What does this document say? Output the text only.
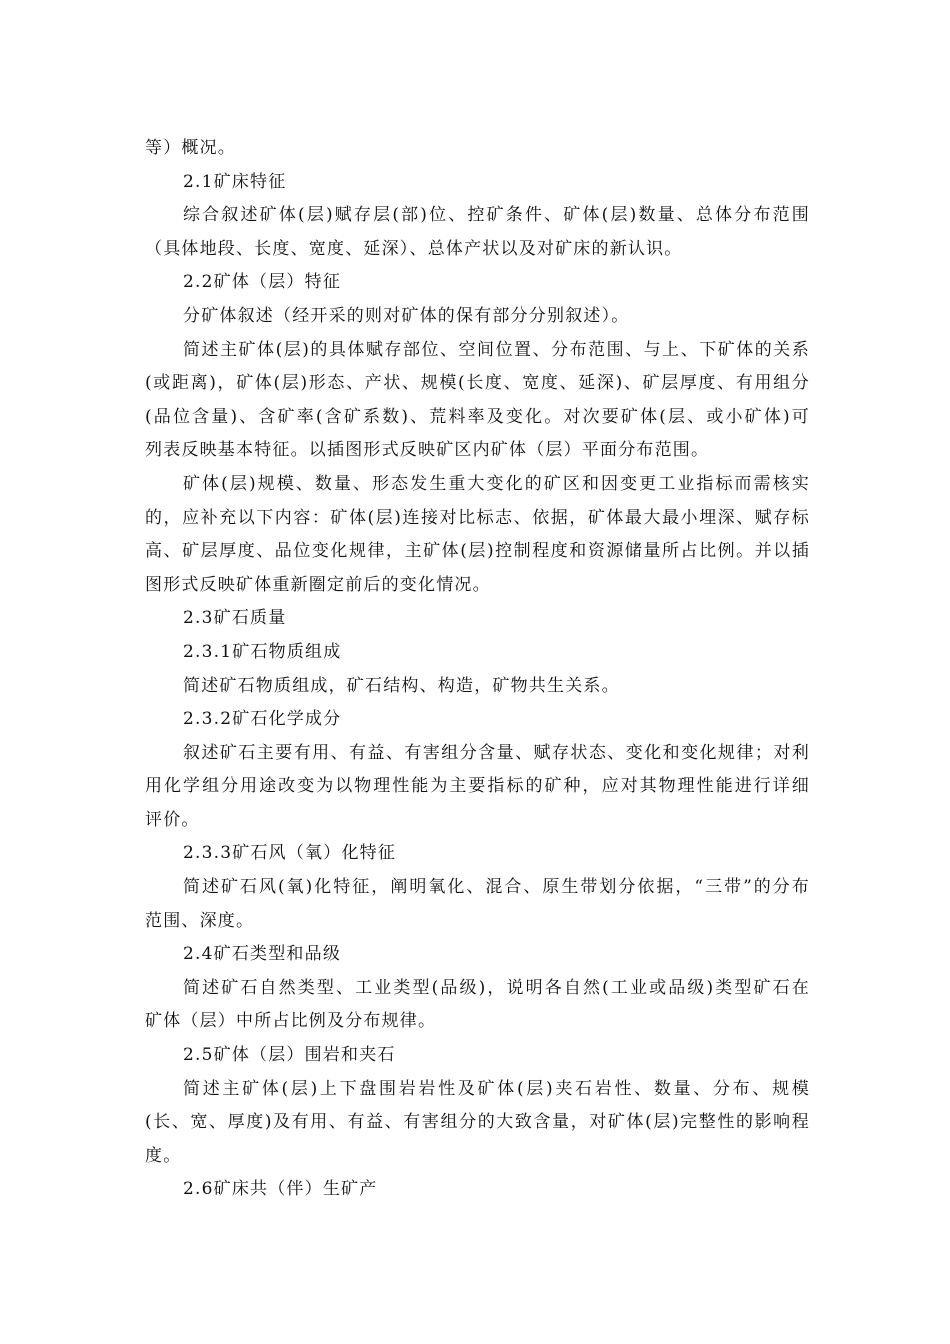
等）概况。
2.1矿床特征
综合叙述矿体(层)赋存层(部)位、控矿条件、矿体(层)数量、总体分布范围
（具体地段、长度、宽度、延深）、总体产状以及对矿床的新认识。
2.2矿体（层）特征
分矿体叙述（经开采的则对矿体的保有部分分别叙述）。
简述主矿体(层)的具体赋存部位、空间位置、分布范围、与上、下矿体的关系
(或距离)，矿体(层)形态、产状、规模(长度、宽度、延深)、矿层厚度、有用组分
(品位含量)、含矿率(含矿系数)、荒料率及变化。对次要矿体(层、或小矿体)可
列表反映基本特征。以插图形式反映矿区内矿体（层）平面分布范围。
矿体(层)规模、数量、形态发生重大变化的矿区和因变更工业指标而需核实
的，应补充以下内容：矿体(层)连接对比标志、依据，矿体最大最小埋深、赋存标
高、矿层厚度、品位变化规律，主矿体(层)控制程度和资源储量所占比例。并以插
图形式反映矿体重新圈定前后的变化情况。
2.3矿石质量
2.3.1矿石物质组成
简述矿石物质组成，矿石结构、构造，矿物共生关系。
2.3.2矿石化学成分
叙述矿石主要有用、有益、有害组分含量、赋存状态、变化和变化规律；对利
用化学组分用途改变为以物理性能为主要指标的矿种，应对其物理性能进行详细
评价。
2.3.3矿石风（氧）化特征
简述矿石风(氧)化特征，阐明氧化、混合、原生带划分依据，“三带”的分布
范围、深度。
2.4矿石类型和品级
简述矿石自然类型、工业类型(品级)，说明各自然(工业或品级)类型矿石在
矿体（层）中所占比例及分布规律。
2.5矿体（层）围岩和夹石
简述主矿体(层)上下盘围岩岩性及矿体(层)夹石岩性、数量、分布、规模
(长、宽、厚度)及有用、有益、有害组分的大致含量，对矿体(层)完整性的影响程
度。
2.6矿床共（伴）生矿产
